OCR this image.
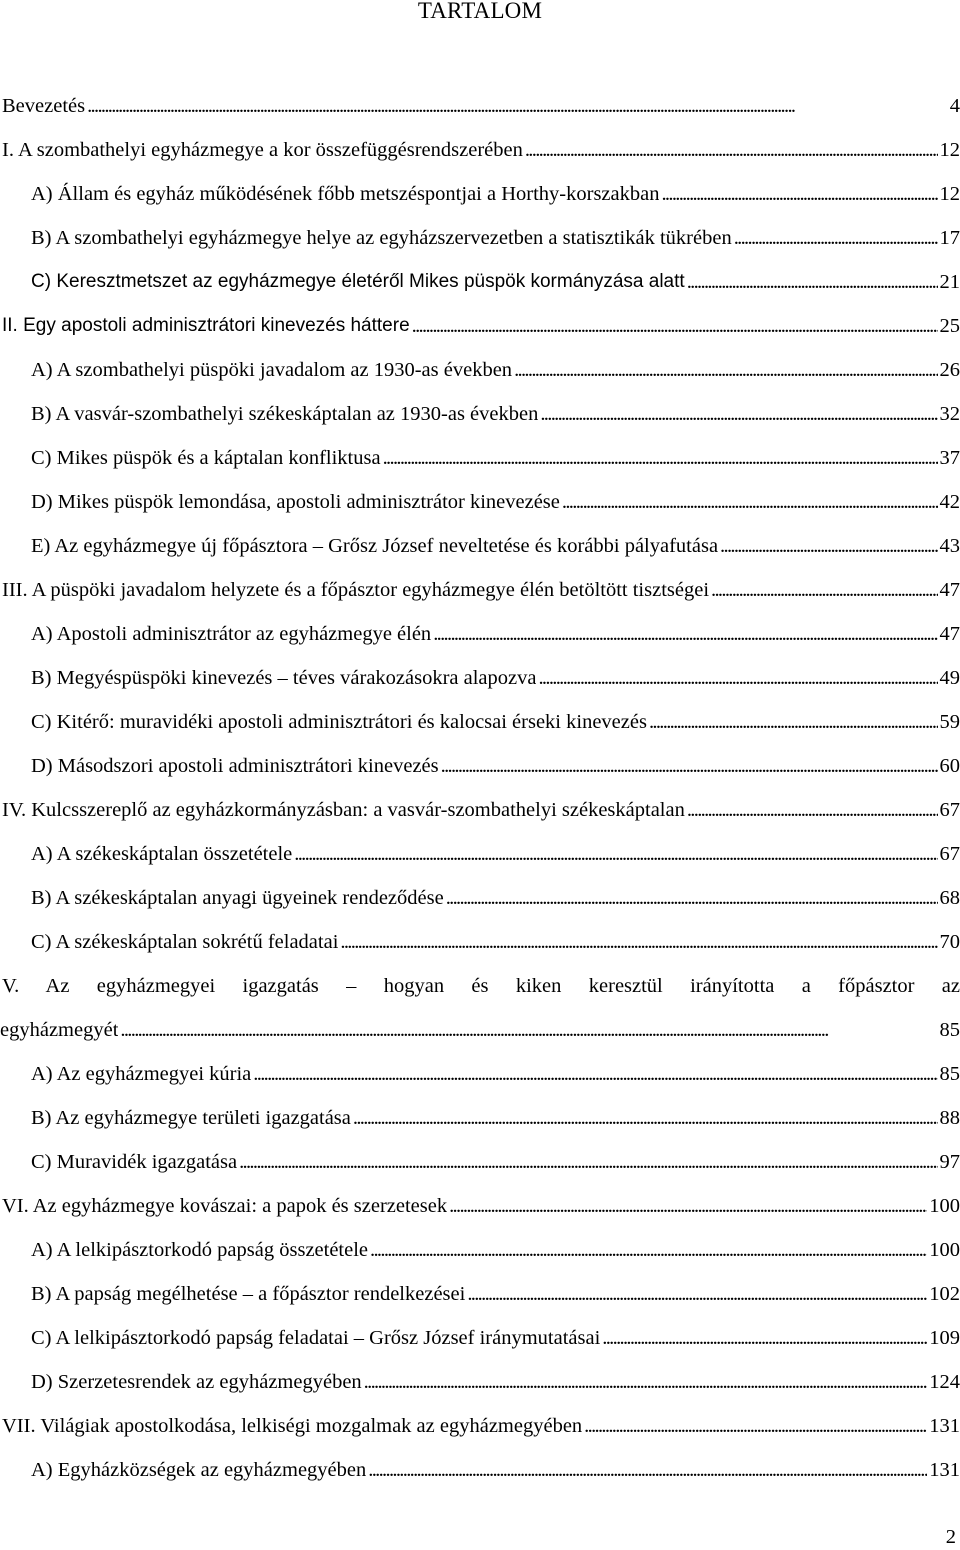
TARTALOM
Bevezetés . . .	4
I. A szombathelyi egyházmegye a kor összefüggésrendszerében . . .	12
A) Állam és egyház működésének főbb metszéspontjai a Horthy-korszakban . . .	12
B) A szombathelyi egyházmegye helye az egyházszervezetben a statisztikák tükrében . . .	17
C) Keresztmetszet az egyházmegye életéről Mikes püspök kormányzása alatt . . .	21
II. Egy apostoli adminisztrátori kinevezés háttere . . .	25
A) A szombathelyi püspöki javadalom az 1930-as években . . .	26
B) A vasvár-szombathelyi székeskáptalan az 1930-as években . . .	32
C) Mikes püspök és a káptalan konfliktusa . . .	37
D) Mikes püspök lemondása, apostoli adminisztrátor kinevezése . . .	42
E) Az egyházmegye új főpásztora – Grősz József neveltetése és korábbi pályafutása . . .	43
III. A püspöki javadalom helyzete és a főpásztor egyházmegye élén betöltött tisztségei . . .	47
A) Apostoli adminisztrátor az egyházmegye élén . . .	47
B) Megyéspüspöki kinevezés – téves várakozásokra alapozva . . .	49
C) Kitérő: muravidéki apostoli adminisztrátori és kalocsai érseki kinevezés . . .	59
D) Másodszori apostoli adminisztrátori kinevezés . . .	60
IV. Kulcsszereplő az egyházkormányzásban: a vasvár-szombathelyi székeskáptalan . . .	67
A) A székeskáptalan összetétele . . .	67
B) A székeskáptalan anyagi ügyeinek rendeződése . . .	68
C) A székeskáptalan sokrétű feladatai . . .	70
V. Az egyházmegyei igazgatás – hogyan és kiken keresztül irányította a főpásztor az
egyházmegyét . . .	85
A) Az egyházmegyei kúria . . .	85
B) Az egyházmegye területi igazgatása . . .	88
C) Muravidék igazgatása . . .	97
VI. Az egyházmegye kovászai: a papok és szerzetesek . . .	100
A) A lelkipásztorkodó papság összetétele . . .	100
B) A papság megélhetése – a főpásztor rendelkezései . . .	102
C) A lelkipásztorkodó papság feladatai – Grősz József iránymutatásai . . .	109
D) Szerzetesrendek az egyházmegyében . . .	124
VII. Világiak apostolkodása, lelkiségi mozgalmak az egyházmegyében . . .	131
A) Egyházközségek az egyházmegyében . . .	131
2
